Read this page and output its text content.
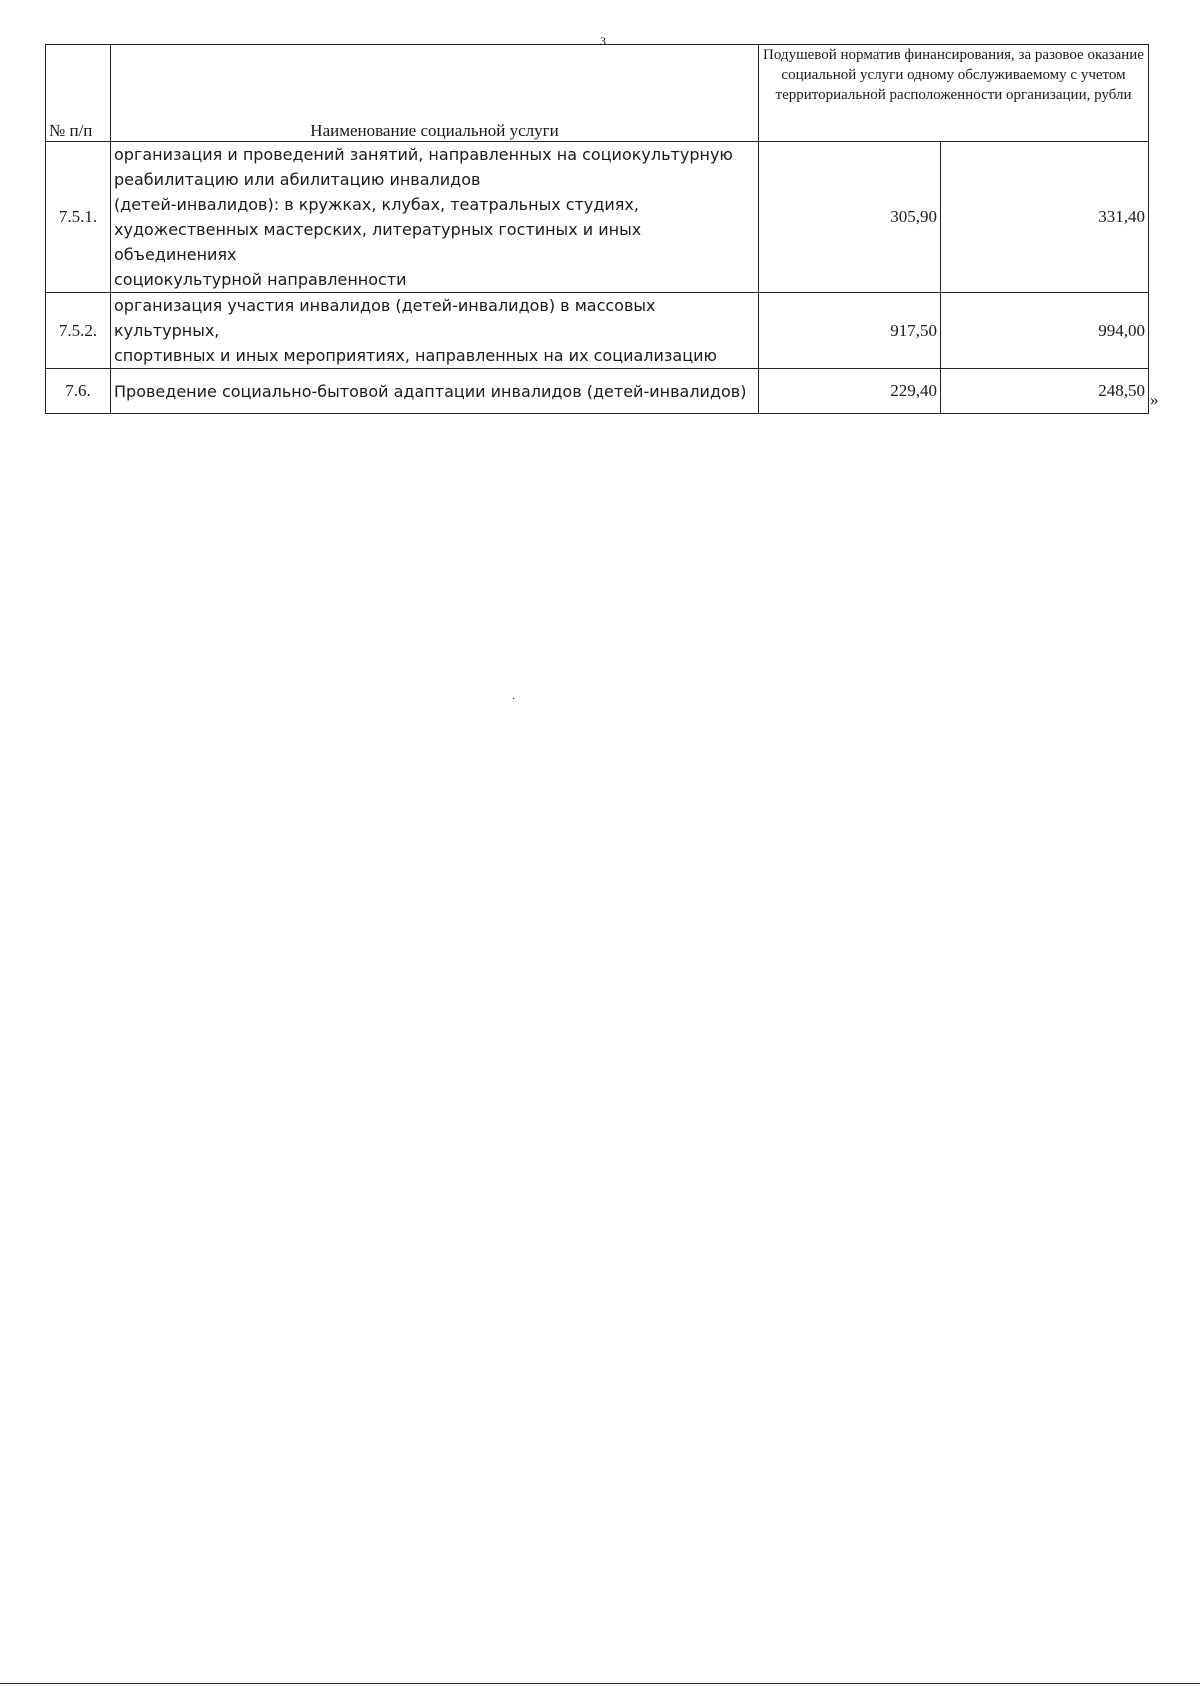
3
№ п/п	Наименование социальной услуги	Подушевой норматив финансирования, за разовое оказание социальной услуги одному обслуживаемому с учетом территориальной расположенности организации, рубли	
7.5.1.	организация и проведений занятий, направленных на социокультурную
реабилитацию или абилитацию инвалидов
(детей-инвалидов): в кружках, клубах, театральных студиях,
художественных мастерских, литературных гостиных и иных объединениях
социокультурной направленности	305,90	331,40
7.5.2.	организация участия инвалидов (детей-инвалидов) в массовых культурных,
спортивных и иных мероприятиях, направленных на их социализацию	917,50	994,00
7.6.	Проведение социально-бытовой адаптации инвалидов (детей-инвалидов)	229,40	248,50 »
.
